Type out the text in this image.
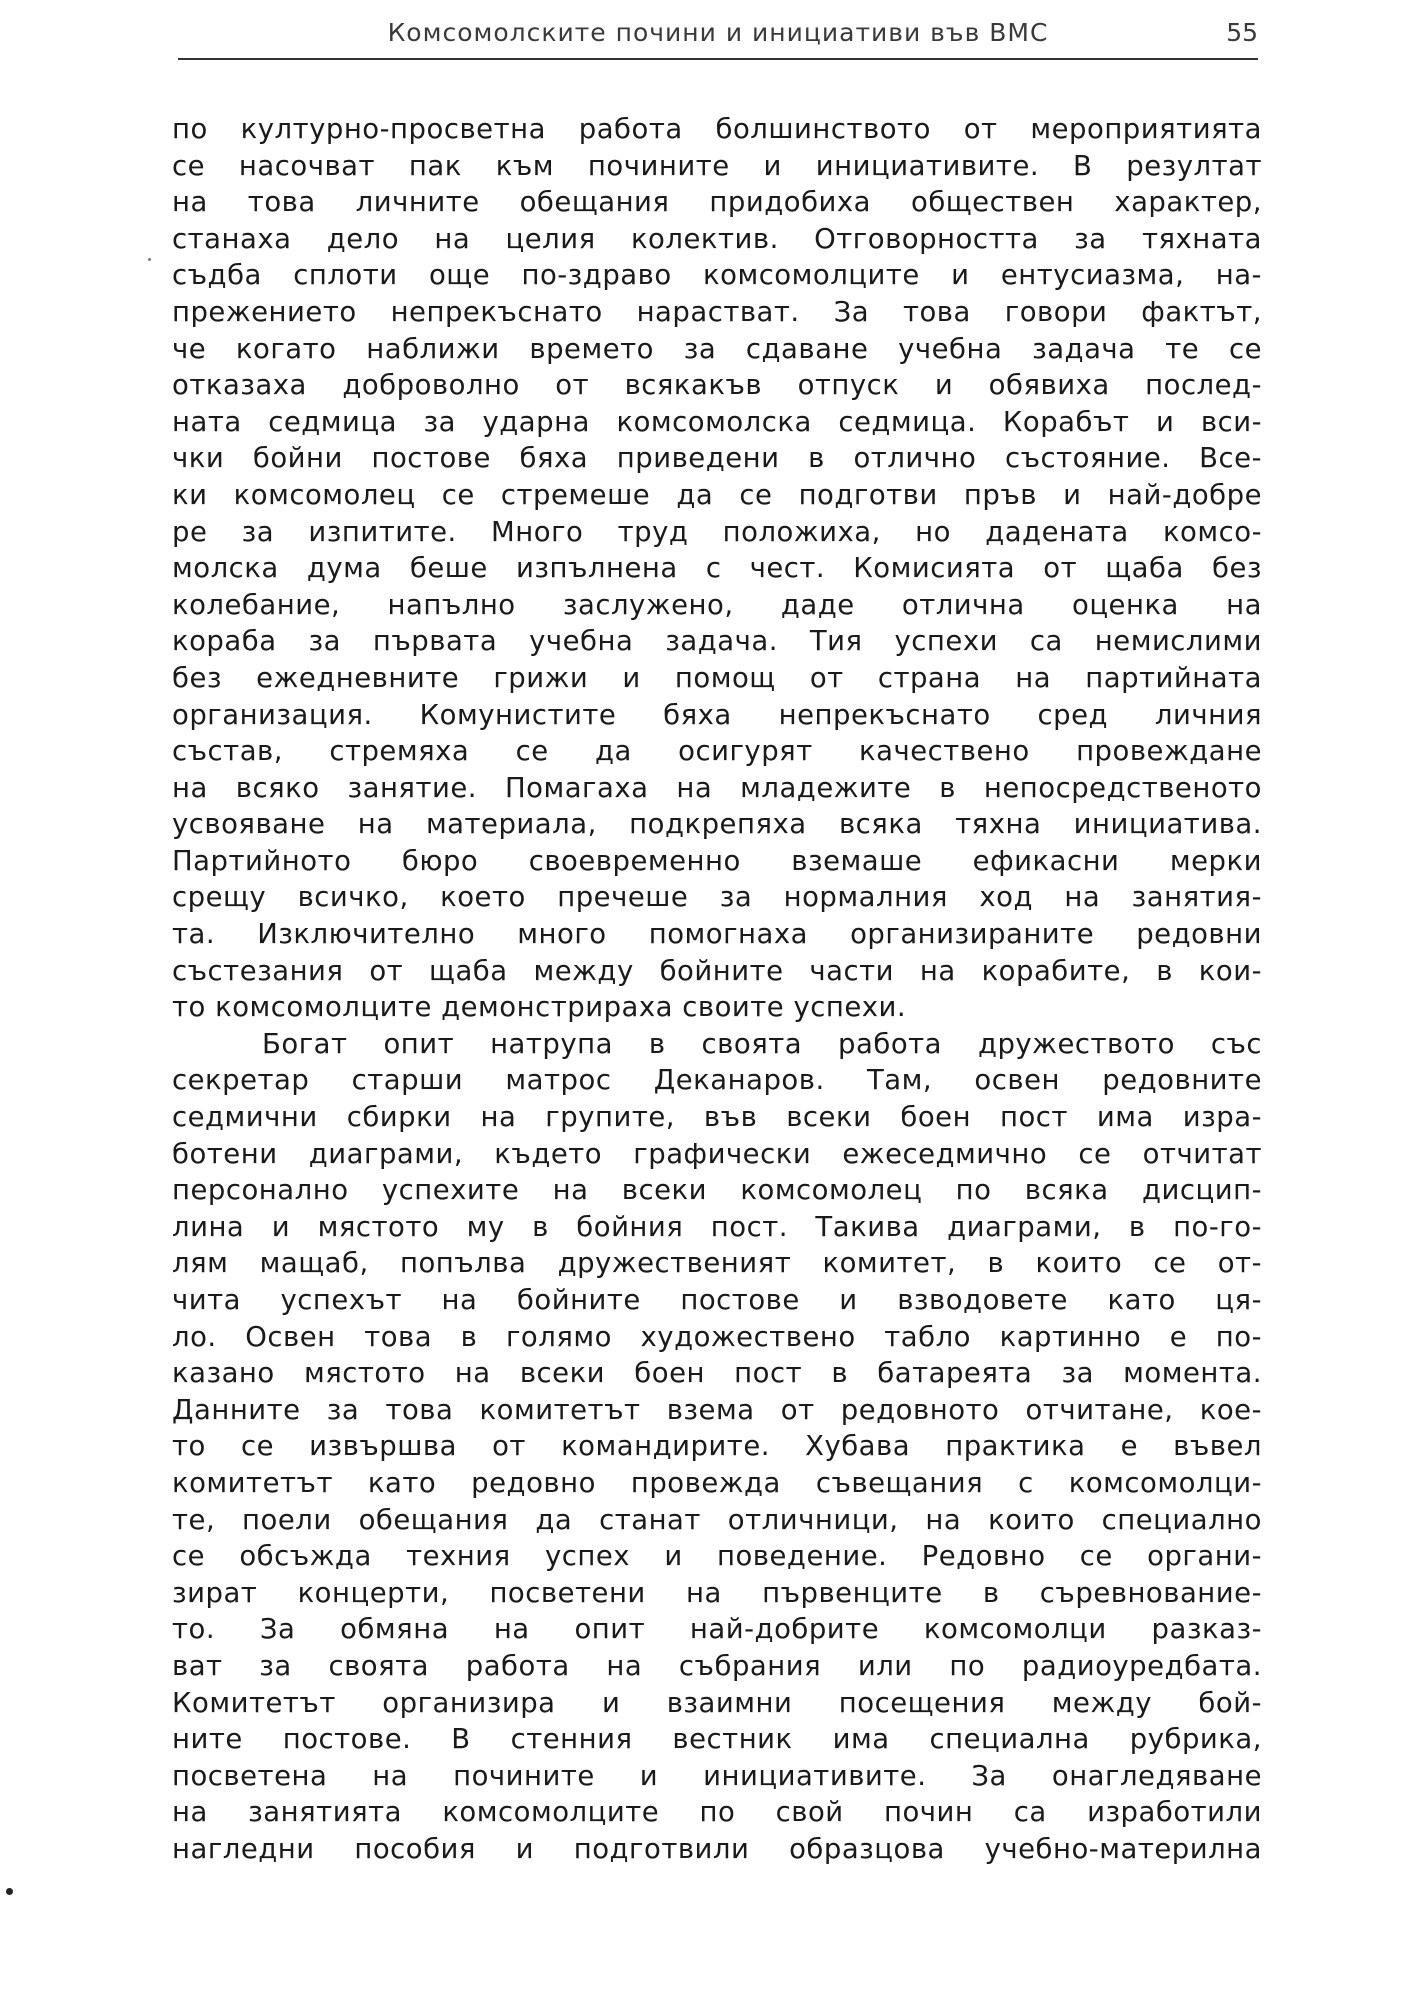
Комсомолските почини и инициативи във ВМС	55
по културно-просветна работа болшинството от мероприятията
се насочват пак към почините и инициативите. В резултат
на това личните обещания придобиха обществен характер,
станаха дело на целия колектив. Отговорността за тяхната
съдба сплоти още по-здраво комсомолците и ентусиазма, на-
прежението непрекъснато нарастват. За това говори фактът,
че когато наближи времето за сдаване учебна задача те се
отказаха доброволно от всякакъв отпуск и обявиха послед-
ната седмица за ударна комсомолска седмица. Корабът и вси-
чки бойни постове бяха приведени в отлично състояние. Все-
ки комсомолец се стремеше да се подготви пръв и най-добре
ре за изпитите. Много труд положиха, но дадената комсо-
молска дума беше изпълнена с чест. Комисията от щаба без
колебание, напълно заслужено, даде отлична оценка на
кораба за първата учебна задача. Тия успехи са немислими
без ежедневните грижи и помощ от страна на партийната
организация. Комунистите бяха непрекъснато сред личния
състав, стремяха се да осигурят качествено провеждане
на всяко занятие. Помагаха на младежите в непосредственото
усвояване на материала, подкрепяха всяка тяхна инициатива.
Партийното бюро своевременно вземаше ефикасни мерки
срещу всичко, което пречеше за нормалния ход на занятия-
та. Изключително много помогнаха организираните редовни
състезания от щаба между бойните части на корабите, в кои-
то комсомолците демонстрираха своите успехи.
Богат опит натрупа в своята работа дружеството със
секретар старши матрос Деканаров. Там, освен редовните
седмични сбирки на групите, във всеки боен пост има изра-
ботени диаграми, където графически ежеседмично се отчитат
персонално успехите на всеки комсомолец по всяка дисцип-
лина и мястото му в бойния пост. Такива диаграми, в по-го-
лям мащаб, попълва дружественият комитет, в които се от-
чита успехът на бойните постове и взводовете като ця-
ло. Освен това в голямо художествено табло картинно е по-
казано мястото на всеки боен пост в батареята за момента.
Данните за това комитетът взема от редовното отчитане, кое-
то се извършва от командирите. Хубава практика е въвел
комитетът като редовно провежда съвещания с комсомолци-
те, поели обещания да станат отличници, на които специално
се обсъжда техния успех и поведение. Редовно се органи-
зират концерти, посветени на първенците в съревнование-
то. За обмяна на опит най-добрите комсомолци разказ-
ват за своята работа на събрания или по радиоуредбата.
Комитетът организира и взаимни посещения между бой-
ните постове. В стенния вестник има специална рубрика,
посветена на почините и инициативите. За онагледяване
на занятията комсомолците по свой почин са изработили
нагледни пособия и подготвили образцова учебно-материлна
